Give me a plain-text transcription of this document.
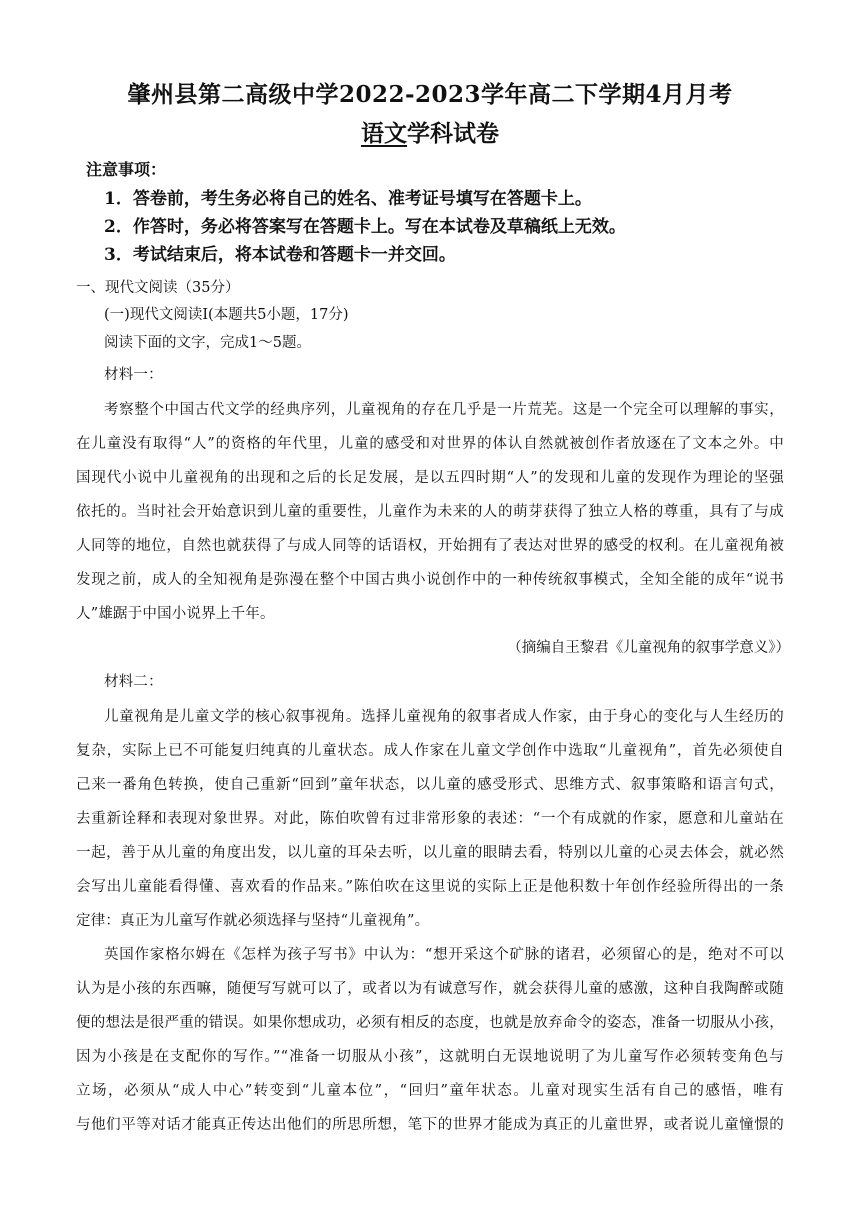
肇州县第二高级中学2022-2023学年高二下学期4月月考
语文学科试卷
注意事项：
1．答卷前，考生务必将自己的姓名、准考证号填写在答题卡上。
2．作答时，务必将答案写在答题卡上。写在本试卷及草稿纸上无效。
3．考试结束后，将本试卷和答题卡一并交回。
一、现代文阅读（35分）
(一)现代文阅读Ⅰ(本题共5小题，17分)
阅读下面的文字，完成1～5题。
材料一：
考察整个中国古代文学的经典序列，儿童视角的存在几乎是一片荒芜。这是一个完全可以理解的事实，
在儿童没有取得“人”的资格的年代里，儿童的感受和对世界的体认自然就被创作者放逐在了文本之外。中
国现代小说中儿童视角的出现和之后的长足发展，是以五四时期“人”的发现和儿童的发现作为理论的坚强
依托的。当时社会开始意识到儿童的重要性，儿童作为未来的人的萌芽获得了独立人格的尊重，具有了与成
人同等的地位，自然也就获得了与成人同等的话语权，开始拥有了表达对世界的感受的权利。在儿童视角被
发现之前，成人的全知视角是弥漫在整个中国古典小说创作中的一种传统叙事模式，全知全能的成年“说书
人”雄踞于中国小说界上千年。
（摘编自王黎君《儿童视角的叙事学意义》）
材料二：
儿童视角是儿童文学的核心叙事视角。选择儿童视角的叙事者成人作家，由于身心的变化与人生经历的
复杂，实际上已不可能复归纯真的儿童状态。成人作家在儿童文学创作中选取“儿童视角”，首先必须使自
己来一番角色转换，使自己重新“回到”童年状态，以儿童的感受形式、思维方式、叙事策略和语言句式，
去重新诠释和表现对象世界。对此，陈伯吹曾有过非常形象的表述：“一个有成就的作家，愿意和儿童站在
一起，善于从儿童的角度出发，以儿童的耳朵去听，以儿童的眼睛去看，特别以儿童的心灵去体会，就必然
会写出儿童能看得懂、喜欢看的作品来。”陈伯吹在这里说的实际上正是他积数十年创作经验所得出的一条
定律：真正为儿童写作就必须选择与坚持“儿童视角”。
英国作家格尔姆在《怎样为孩子写书》中认为：“想开采这个矿脉的诸君，必须留心的是，绝对不可以
认为是小孩的东西嘛，随便写写就可以了，或者以为有诚意写作，就会获得儿童的感激，这种自我陶醉或随
便的想法是很严重的错误。如果你想成功，必须有相反的态度，也就是放弃命令的姿态，准备一切服从小孩，
因为小孩是在支配你的写作。”“准备一切服从小孩”，这就明白无误地说明了为儿童写作必须转变角色与
立场，必须从“成人中心”转变到“儿童本位”，“回归”童年状态。儿童对现实生活有自己的感悟，唯有
与他们平等对话才能真正传达出他们的所思所想，笔下的世界才能成为真正的儿童世界，或者说儿童憧憬的
